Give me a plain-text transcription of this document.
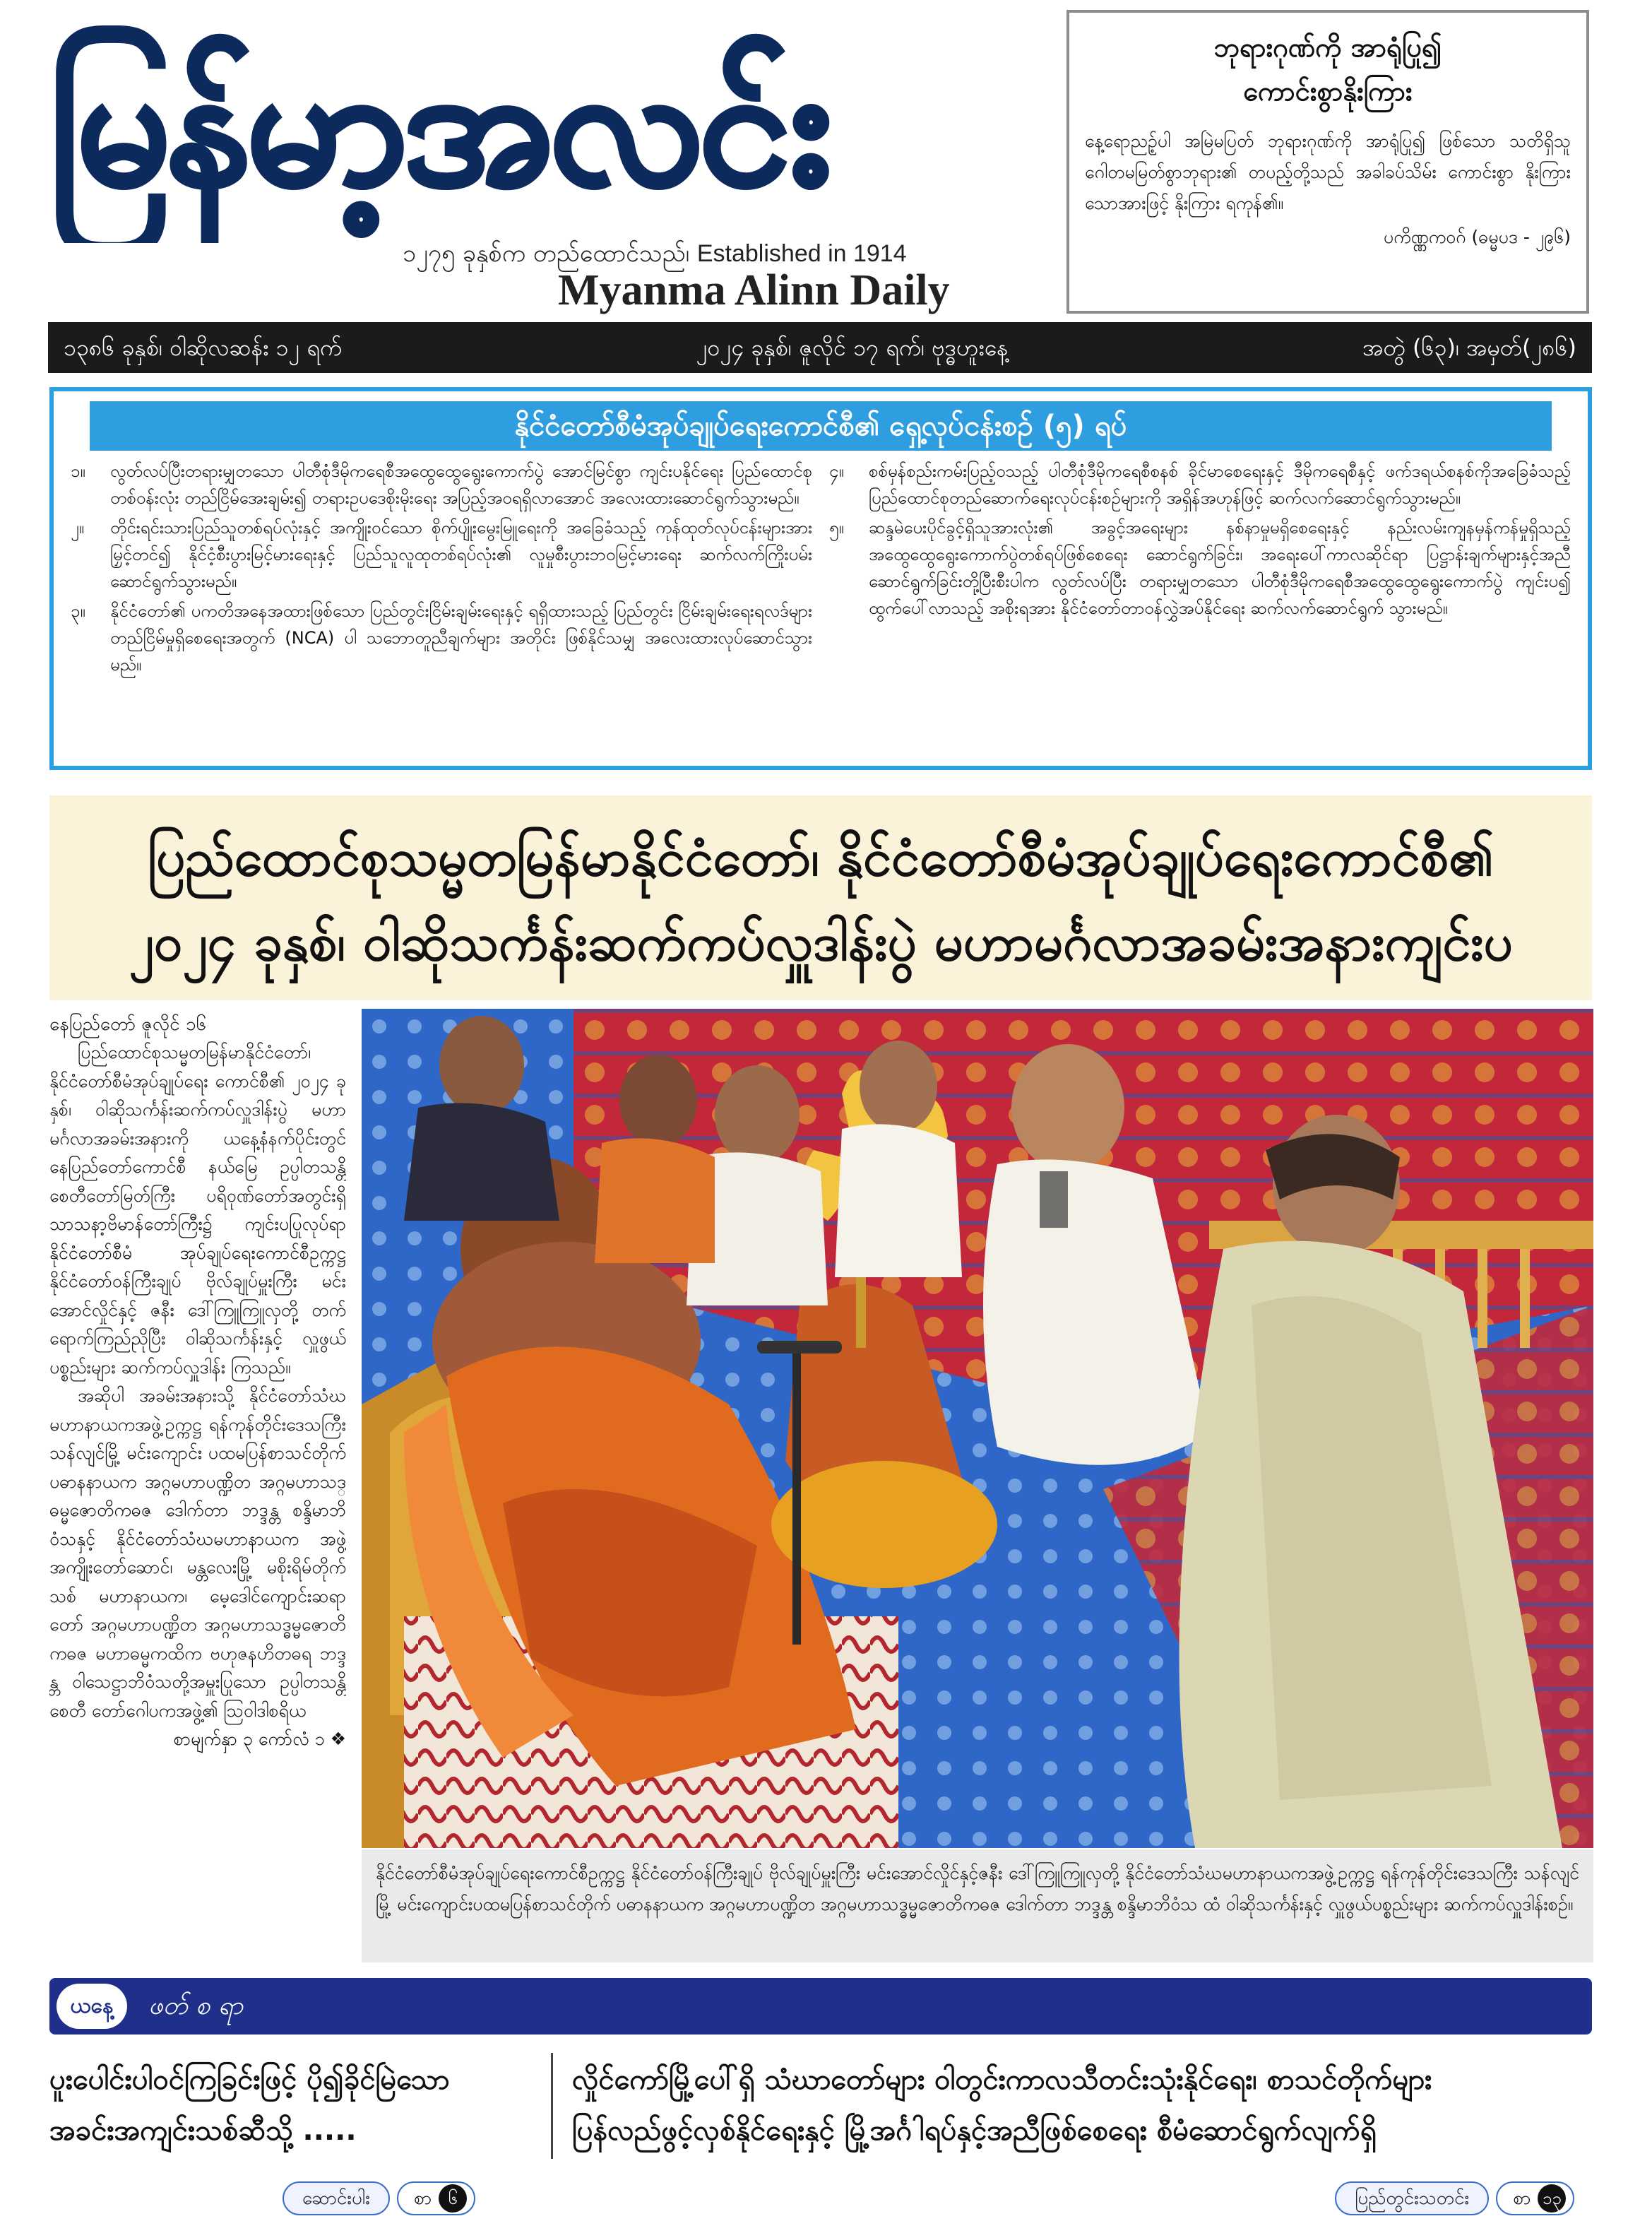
မြန်မာ့အလင်း
၁၂၇၅ ခုနှစ်က တည်ထောင်သည်၊ Established in 1914
Myanma Alinn Daily
ဘုရားဂုဏ်ကို အာရုံပြု၍
ကောင်းစွာနိုးကြား
နေ့ရောညဉ့်ပါ အမြဲမပြတ် ဘုရားဂုဏ်ကို အာရုံပြု၍ ဖြစ်သော သတိရှိသူ ဂေါတမမြတ်စွာဘုရား၏ တပည့်တို့သည် အခါခပ်သိမ်း ကောင်းစွာ နိုးကြားသောအားဖြင့် နိုးကြား ရကုန်၏။
ပကိဏ္ဏကဝဂ် (ဓမ္မပဒ - ၂၉၆)
၁၃၈၆ ခုနှစ်၊ ဝါဆိုလဆန်း ၁၂ ရက်	၂၀၂၄ ခုနှစ်၊ ဇူလိုင် ၁၇ ရက်၊ ဗုဒ္ဓဟူးနေ့	အတွဲ (၆၃)၊ အမှတ်(၂၈၆)
နိုင်ငံတော်စီမံအုပ်ချုပ်ရေးကောင်စီ၏ ရှေ့လုပ်ငန်းစဉ် (၅) ရပ်
၁။	လွတ်လပ်ပြီးတရားမျှတသော ပါတီစုံဒီမိုကရေစီအထွေထွေရွေးကောက်ပွဲ အောင်မြင်စွာ ကျင်းပနိုင်ရေး ပြည်ထောင်စုတစ်ဝန်းလုံး တည်ငြိမ်အေးချမ်း၍ တရားဥပဒေစိုးမိုးရေး အပြည့်အဝရရှိလာအောင် အလေးထားဆောင်ရွက်သွားမည်။
၂။	တိုင်းရင်းသားပြည်သူတစ်ရပ်လုံးနှင့် အကျိုးဝင်သော စိုက်ပျိုးမွေးမြူရေးကို အခြေခံသည့် ကုန်ထုတ်လုပ်ငန်းများအားမြှင့်တင်၍ နိုင်ငံ့စီးပွားမြင့်မားရေးနှင့် ပြည်သူလူထုတစ်ရပ်လုံး၏ လူမှုစီးပွားဘဝမြင့်မားရေး ဆက်လက်ကြိုးပမ်းဆောင်ရွက်သွားမည်။
၃။	နိုင်ငံတော်၏ ပကတိအနေအထားဖြစ်သော ပြည်တွင်းငြိမ်းချမ်းရေးနှင့် ရရှိထားသည့် ပြည်တွင်း ငြိမ်းချမ်းရေးရလဒ်များ တည်ငြိမ်မှုရှိစေရေးအတွက် (NCA) ပါ သဘောတူညီချက်များ အတိုင်း ဖြစ်နိုင်သမျှ အလေးထားလုပ်ဆောင်သွားမည်။
၄။	စစ်မှန်စည်းကမ်းပြည့်ဝသည့် ပါတီစုံဒီမိုကရေစီစနစ် ခိုင်မာစေရေးနှင့် ဒီမိုကရေစီနှင့် ဖက်ဒရယ်စနစ်ကိုအခြေခံသည့် ပြည်ထောင်စုတည်ဆောက်ရေးလုပ်ငန်းစဉ်များကို အရှိန်အဟုန်ဖြင့် ဆက်လက်ဆောင်ရွက်သွားမည်။
၅။	ဆန္ဒမဲပေးပိုင်ခွင့်ရှိသူအားလုံး၏ အခွင့်အရေးများ နစ်နာမှုမရှိစေရေးနှင့် နည်းလမ်းကျနမှန်ကန်မှုရှိသည့် အထွေထွေရွေးကောက်ပွဲတစ်ရပ်ဖြစ်စေရေး ဆောင်ရွက်ခြင်း၊ အရေးပေါ်ကာလဆိုင်ရာ ပြဋ္ဌာန်းချက်များနှင့်အညီ ဆောင်ရွက်ခြင်းတို့ပြီးစီးပါက လွတ်လပ်ပြီး တရားမျှတသော ပါတီစုံဒီမိုကရေစီအထွေထွေရွေးကောက်ပွဲ ကျင်းပ၍ ထွက်ပေါ်လာသည့် အစိုးရအား နိုင်ငံတော်တာဝန်လွှဲအပ်နိုင်ရေး ဆက်လက်ဆောင်ရွက် သွားမည်။
ပြည်ထောင်စုသမ္မတမြန်မာနိုင်ငံတော်၊ နိုင်ငံတော်စီမံအုပ်ချုပ်ရေးကောင်စီ၏
၂၀၂၄ ခုနှစ်၊ ဝါဆိုသင်္ကန်းဆက်ကပ်လှူဒါန်းပွဲ မဟာမင်္ဂလာအခမ်းအနားကျင်းပ
နေပြည်တော် ဇူလိုင် ၁၆

ပြည်ထောင်စုသမ္မတမြန်မာနိုင်ငံတော်၊ နိုင်ငံတော်စီမံအုပ်ချုပ်ရေး ကောင်စီ၏ ၂၀၂၄ ခုနှစ်၊ ဝါဆိုသင်္ကန်းဆက်ကပ်လှူဒါန်းပွဲ မဟာမင်္ဂလာအခမ်းအနားကို ယနေ့နံနက်ပိုင်းတွင် နေပြည်တော်ကောင်စီ နယ်မြေ ဥပ္ပါတသန္တိစေတီတော်မြတ်ကြီး ပရိဝုဏ်တော်အတွင်းရှိ သာသနာ့ဗိမာန်တော်ကြီး၌ ကျင်းပပြုလုပ်ရာ နိုင်ငံတော်စီမံ အုပ်ချုပ်ရေးကောင်စီဥက္ကဋ္ဌ နိုင်ငံတော်ဝန်ကြီးချုပ် ဗိုလ်ချုပ်မှူးကြီး မင်းအောင်လှိုင်နှင့် ဇနီး ဒေါ်ကြူကြူလှတို့ တက်ရောက်ကြည်ညိုပြီး ဝါဆိုသင်္ကန်းနှင့် လှူဖွယ်ပစ္စည်းများ ဆက်ကပ်လှူဒါန်း ကြသည်။

အဆိုပါ အခမ်းအနားသို့ နိုင်ငံတော်သံဃမဟာနာယကအဖွဲ့ဥက္ကဋ္ဌ ရန်ကုန်တိုင်းဒေသကြီး သန်လျင်မြို့ မင်းကျောင်း ပထမပြန်စာသင်တိုက် ပဓာနနာယက အဂ္ဂမဟာပဏ္ဍိတ အဂ္ဂမဟာသဒ္ဓမ္မဇောတိကဓဇ ဒေါက်တာ ဘဒ္ဒန္တ စန္ဒိမာဘိဝံသနှင့် နိုင်ငံတော်သံဃမဟာနာယက အဖွဲ့အကျိုးတော်ဆောင်၊ မန္တလေးမြို့ မစိုးရိမ်တိုက်သစ် မဟာနာယက၊ မေ့ဒေါင်ကျောင်းဆရာတော် အဂ္ဂမဟာပဏ္ဍိတ အဂ္ဂမဟာသဒ္ဓမ္မဇောတိကဓဇ မဟာဓမ္မကထိက ဗဟုဇနဟိတဓရ ဘဒ္ဒန္တ ဝါသေဋ္ဌာဘိဝံသတို့အမှူးပြုသော ဥပ္ပါတသန္တိစေတီ တော်ဂေါပကအဖွဲ့၏ ဩဝါဒါစရိယ

စာမျက်နှာ ၃ ကော်လံ ၁ ❖
နိုင်ငံတော်စီမံအုပ်ချုပ်ရေးကောင်စီဥက္ကဋ္ဌ နိုင်ငံတော်ဝန်ကြီးချုပ် ဗိုလ်ချုပ်မှူးကြီး မင်းအောင်လှိုင်နှင့်ဇနီး ဒေါ်ကြူကြူလှတို့ နိုင်ငံတော်သံဃမဟာနာယကအဖွဲ့ဥက္ကဋ္ဌ ရန်ကုန်တိုင်းဒေသကြီး သန်လျင်မြို့ မင်းကျောင်းပထမပြန်စာသင်တိုက် ပဓာနနာယက အဂ္ဂမဟာပဏ္ဍိတ အဂ္ဂမဟာသဒ္ဓမ္မဇောတိကဓဇ ဒေါက်တာ ဘဒ္ဒန္တ စန္ဒိမာဘိဝံသ ထံ ဝါဆိုသင်္ကန်းနှင့် လှူဖွယ်ပစ္စည်းများ ဆက်ကပ်လှူဒါန်းစဉ်။
ယနေ့	ဖတ် စ ရာ
ပူးပေါင်းပါဝင်ကြခြင်းဖြင့် ပို၍ခိုင်မြဲသော
အခင်းအကျင်းသစ်ဆီသို့ .....
လှိုင်ကော်မြို့ပေါ်ရှိ သံဃာတော်များ ဝါတွင်းကာလသီတင်းသုံးနိုင်ရေး၊ စာသင်တိုက်များ
ပြန်လည်ဖွင့်လှစ်နိုင်ရေးနှင့် မြို့အင်္ဂါရပ်နှင့်အညီဖြစ်စေရေး စီမံဆောင်ရွက်လျက်ရှိ
ဆောင်းပါး	စာ ၆	ပြည်တွင်းသတင်း	စာ ၁၃
